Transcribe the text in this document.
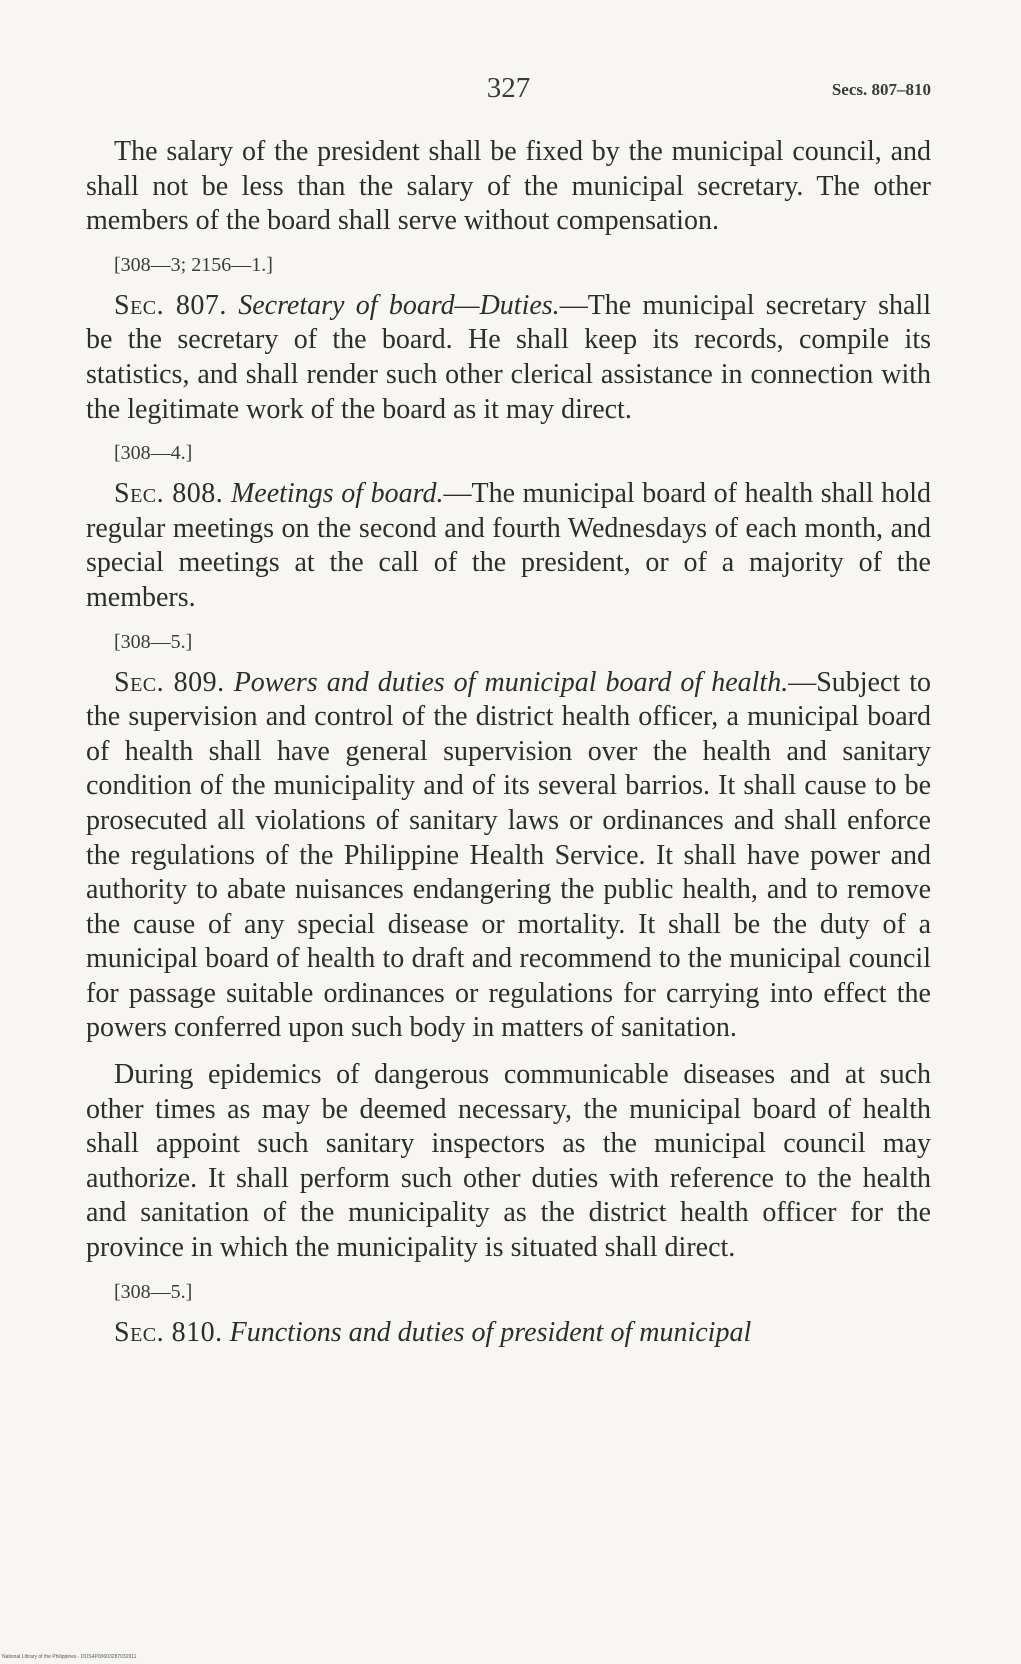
327	Secs. 807–810

The salary of the president shall be fixed by the municipal council, and shall not be less than the salary of the municipal secretary. The other members of the board shall serve without compensation.

[308—3; 2156—1.]

Sec. 807. Secretary of board—Duties.—The municipal secretary shall be the secretary of the board. He shall keep its records, compile its statistics, and shall render such other clerical assistance in connection with the legitimate work of the board as it may direct.

[308—4.]

Sec. 808. Meetings of board.—The municipal board of health shall hold regular meetings on the second and fourth Wednesdays of each month, and special meetings at the call of the president, or of a majority of the members.

[308—5.]

Sec. 809. Powers and duties of municipal board of health.—Subject to the supervision and control of the district health officer, a municipal board of health shall have general supervision over the health and sanitary condition of the municipality and of its several barrios. It shall cause to be prosecuted all violations of sanitary laws or ordinances and shall enforce the regulations of the Philippine Health Service. It shall have power and authority to abate nuisances endangering the public health, and to remove the cause of any special disease or mortality. It shall be the duty of a municipal board of health to draft and recommend to the municipal council for passage suitable ordinances or regulations for carrying into effect the powers conferred upon such body in matters of sanitation.

During epidemics of dangerous communicable diseases and at such other times as may be deemed necessary, the municipal board of health shall appoint such sanitary inspectors as the municipal council may authorize. It shall perform such other duties with reference to the health and sanitation of the municipality as the district health officer for the province in which the municipality is situated shall direct.

[308—5.]

Sec. 810. Functions and duties of president of municipal

National Library of the Philippines · DOS4P00003287032911
